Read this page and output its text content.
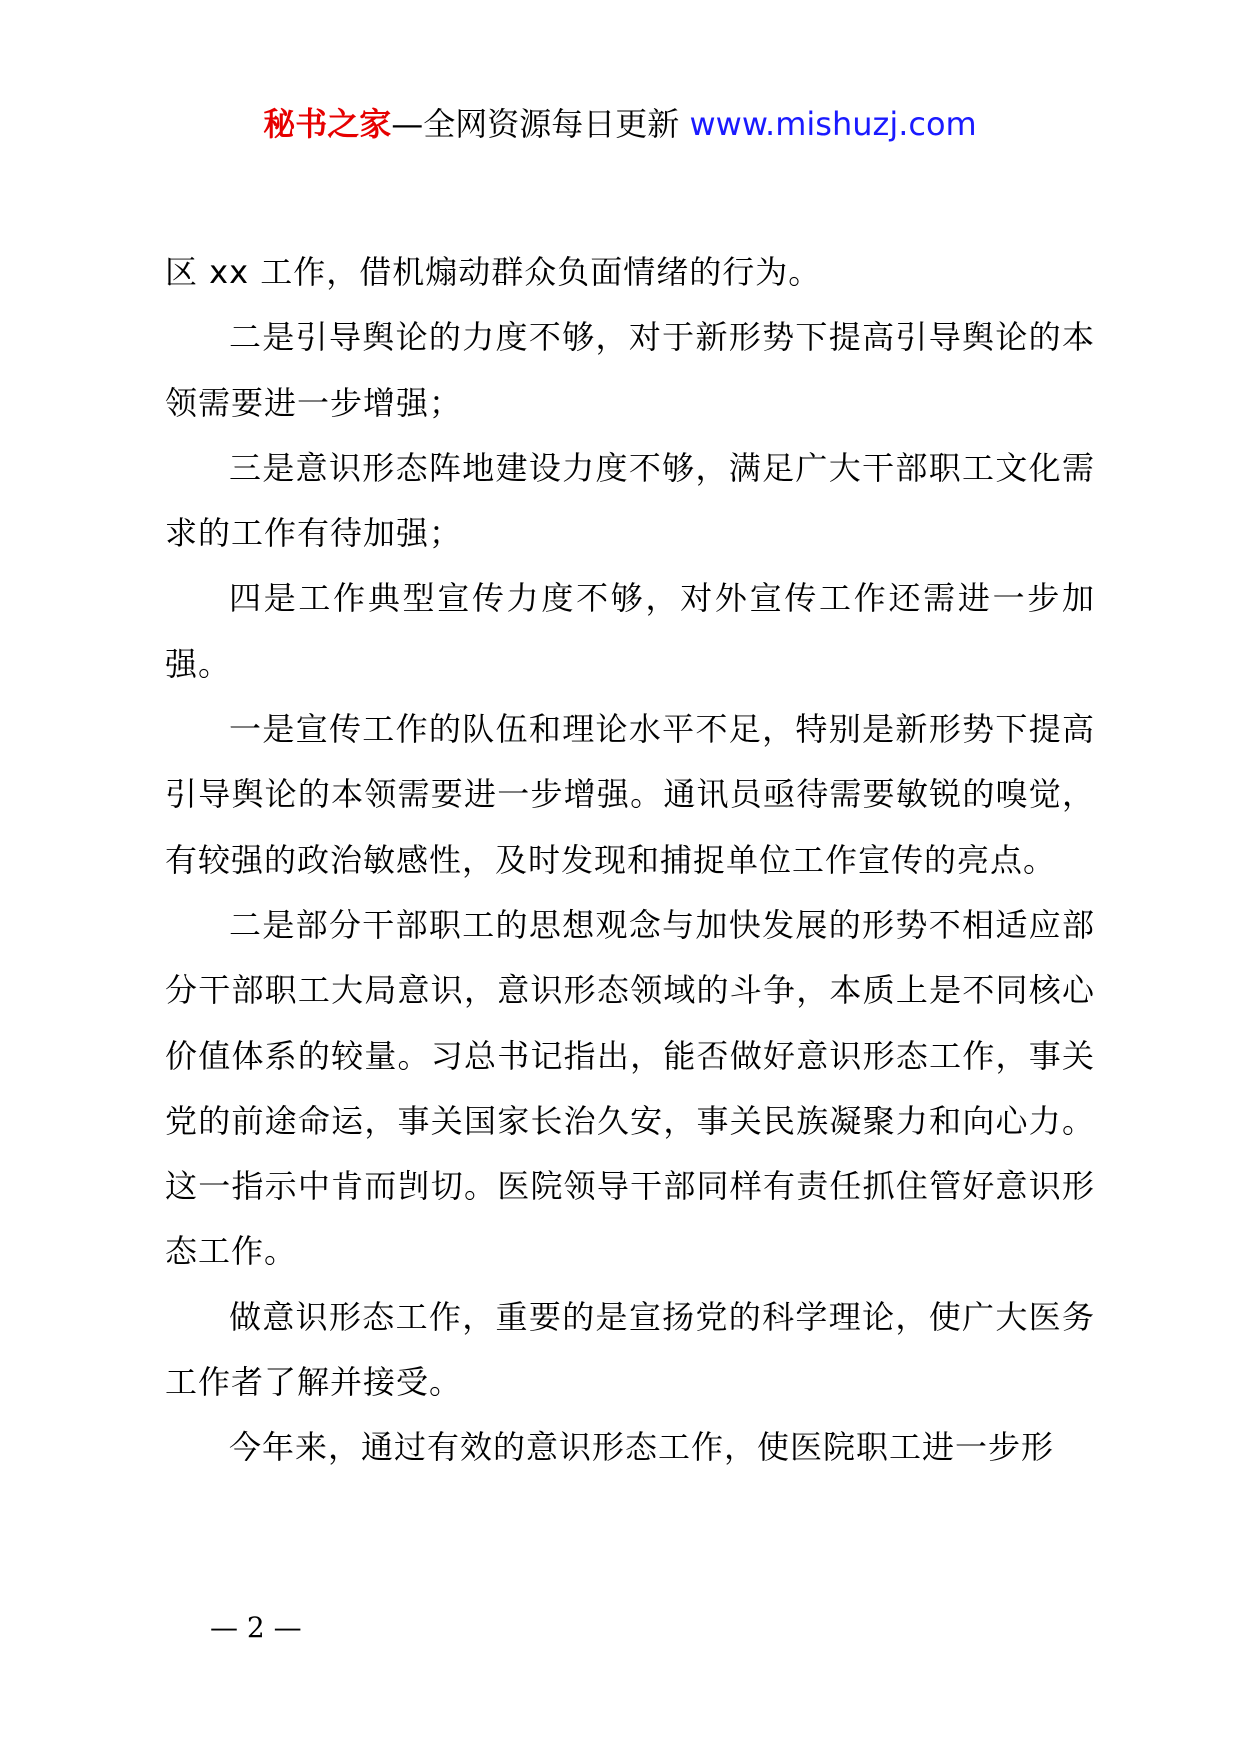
秘书之家—全网资源每日更新 www.mishuzj.com

区 xx 工作，借机煽动群众负面情绪的行为。

二是引导舆论的力度不够，对于新形势下提高引导舆论的本领需要进一步增强；

三是意识形态阵地建设力度不够，满足广大干部职工文化需求的工作有待加强；

四是工作典型宣传力度不够，对外宣传工作还需进一步加强。

一是宣传工作的队伍和理论水平不足，特别是新形势下提高引导舆论的本领需要进一步增强。通讯员亟待需要敏锐的嗅觉，有较强的政治敏感性，及时发现和捕捉单位工作宣传的亮点。

二是部分干部职工的思想观念与加快发展的形势不相适应部分干部职工大局意识，意识形态领域的斗争，本质上是不同核心价值体系的较量。习总书记指出，能否做好意识形态工作，事关党的前途命运，事关国家长治久安，事关民族凝聚力和向心力。这一指示中肯而剀切。医院领导干部同样有责任抓住管好意识形态工作。

做意识形态工作，重要的是宣扬党的科学理论，使广大医务工作者了解并接受。

今年来，通过有效的意识形态工作，使医院职工进一步形

— 2 —
